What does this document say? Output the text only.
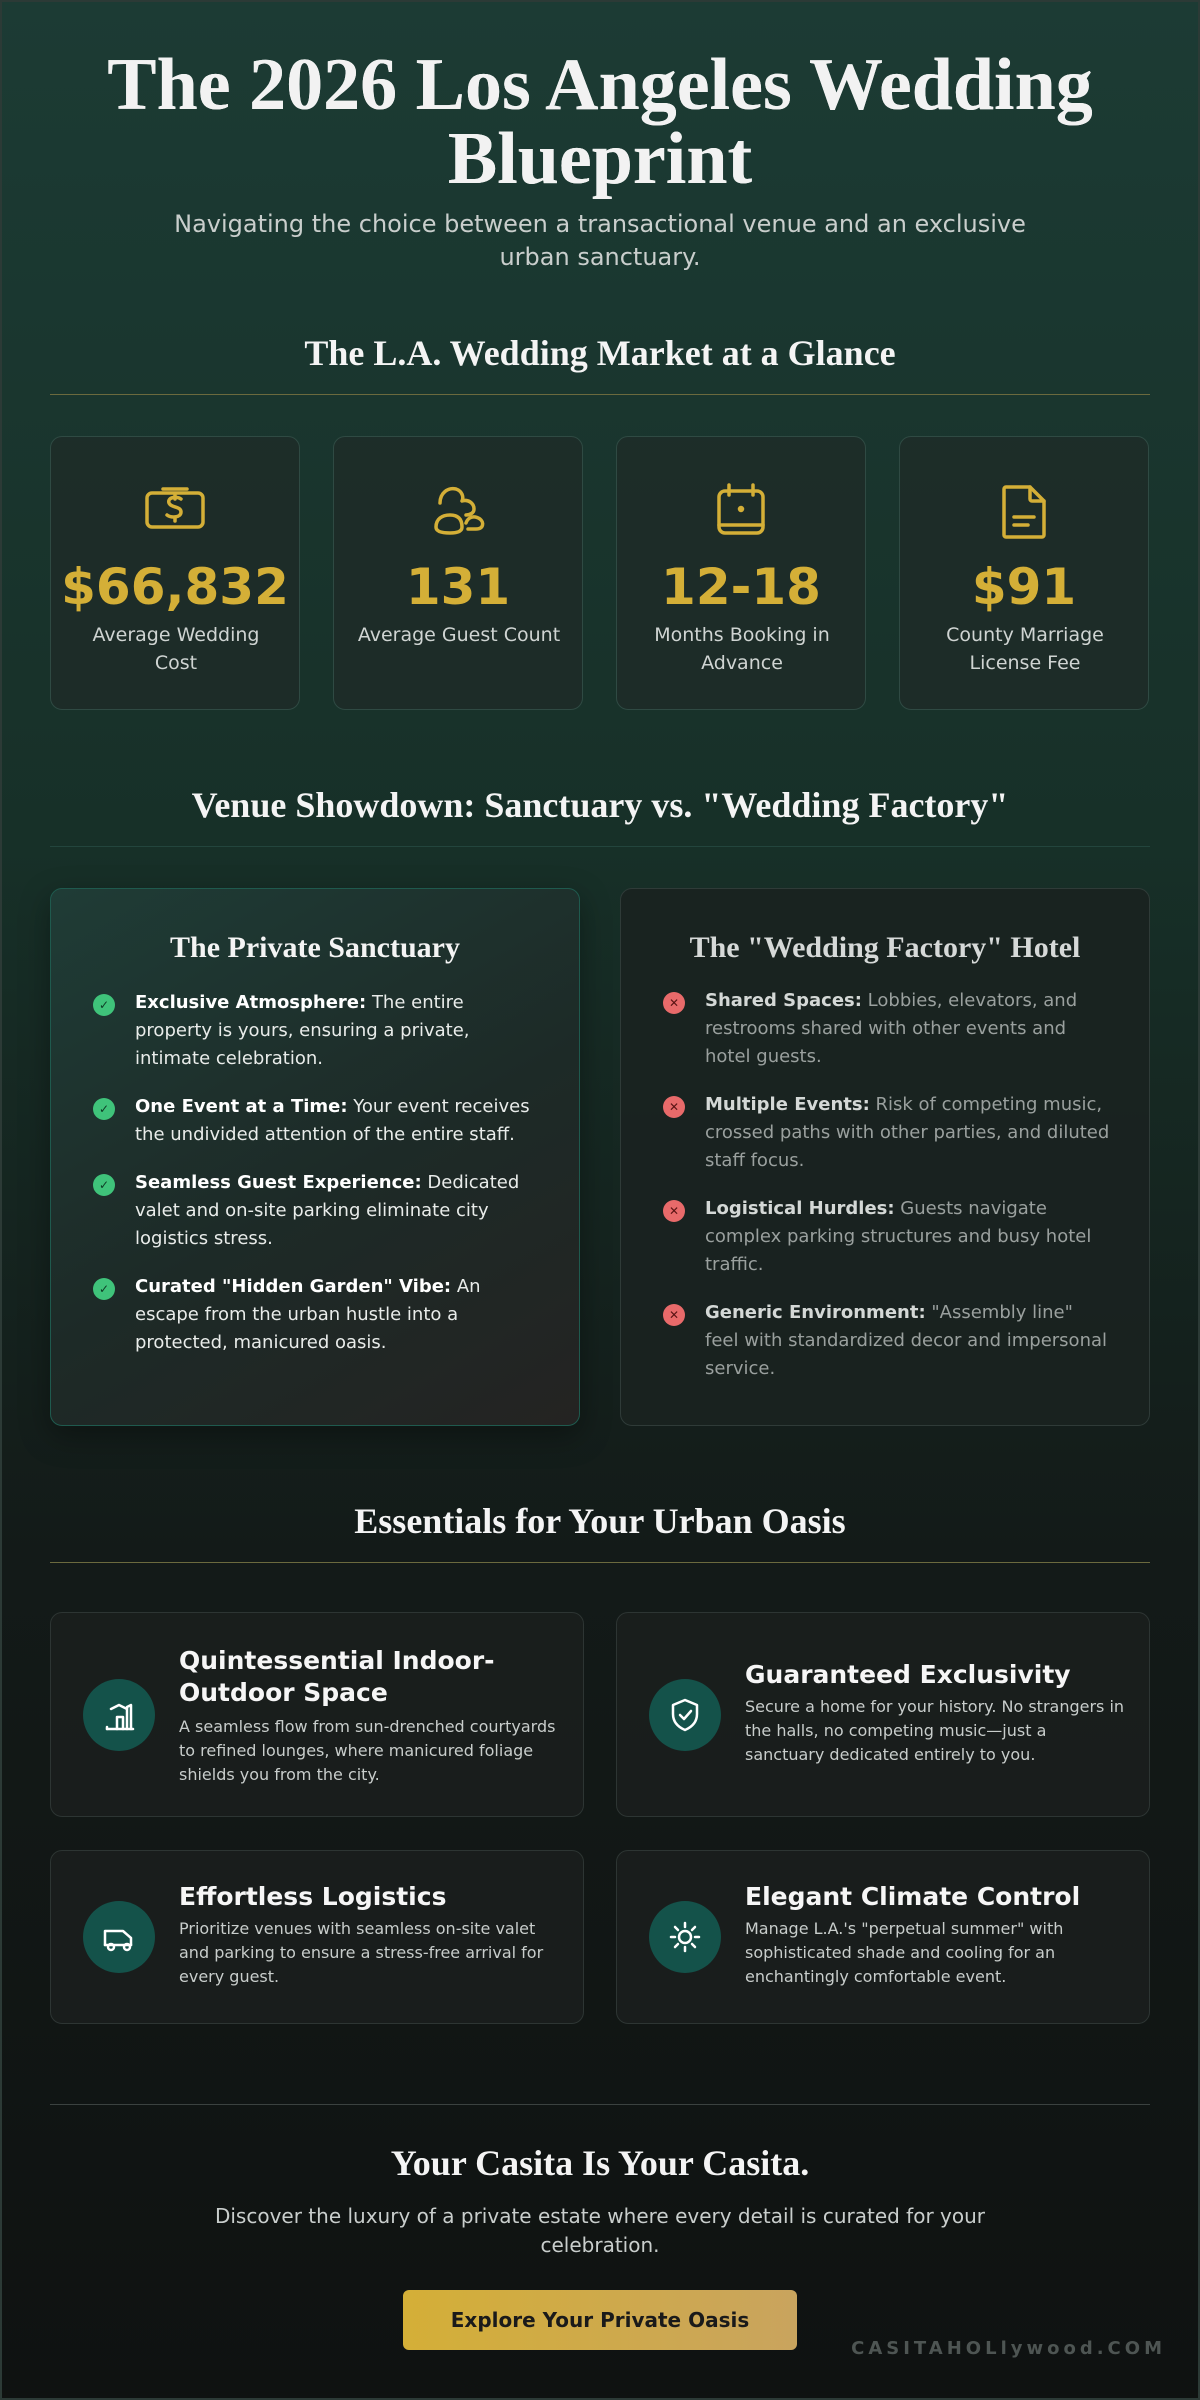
The 2026 Los Angeles Wedding Blueprint

Navigating the choice between a transactional venue and an exclusive urban sanctuary.

The L.A. Wedding Market at a Glance
$66,832
Average Wedding Cost
131
Average Guest Count
12-18
Months Booking in Advance
$91
County Marriage License Fee
Venue Showdown: Sanctuary vs. "Wedding Factory"
The Private Sanctuary
✓	Exclusive Atmosphere: The entire property is yours, ensuring a private, intimate celebration.
✓	One Event at a Time: Your event receives the undivided attention of the entire staff.
✓	Seamless Guest Experience: Dedicated valet and on-site parking eliminate city logistics stress.
✓	Curated "Hidden Garden" Vibe: An escape from the urban hustle into a protected, manicured oasis.
The "Wedding Factory" Hotel
✕	Shared Spaces: Lobbies, elevators, and restrooms shared with other events and hotel guests.
✕	Multiple Events: Risk of competing music, crossed paths with other parties, and diluted staff focus.
✕	Logistical Hurdles: Guests navigate complex parking structures and busy hotel traffic.
✕	Generic Environment: "Assembly line" feel with standardized decor and impersonal service.
Essentials for Your Urban Oasis
Quintessential Indoor-Outdoor Space
A seamless flow from sun-drenched courtyards to refined lounges, where manicured foliage shields you from the city.
Guaranteed Exclusivity
Secure a home for your history. No strangers in the halls, no competing music—just a sanctuary dedicated entirely to you.
Effortless Logistics
Prioritize venues with seamless on-site valet and parking to ensure a stress-free arrival for every guest.
Elegant Climate Control
Manage L.A.'s "perpetual summer" with sophisticated shade and cooling for an enchantingly comfortable event.
Your Casita Is Your Casita.

Discover the luxury of a private estate where every detail is curated for your celebration.

Explore Your Private Oasis
CASITAHOLlywood.COM
